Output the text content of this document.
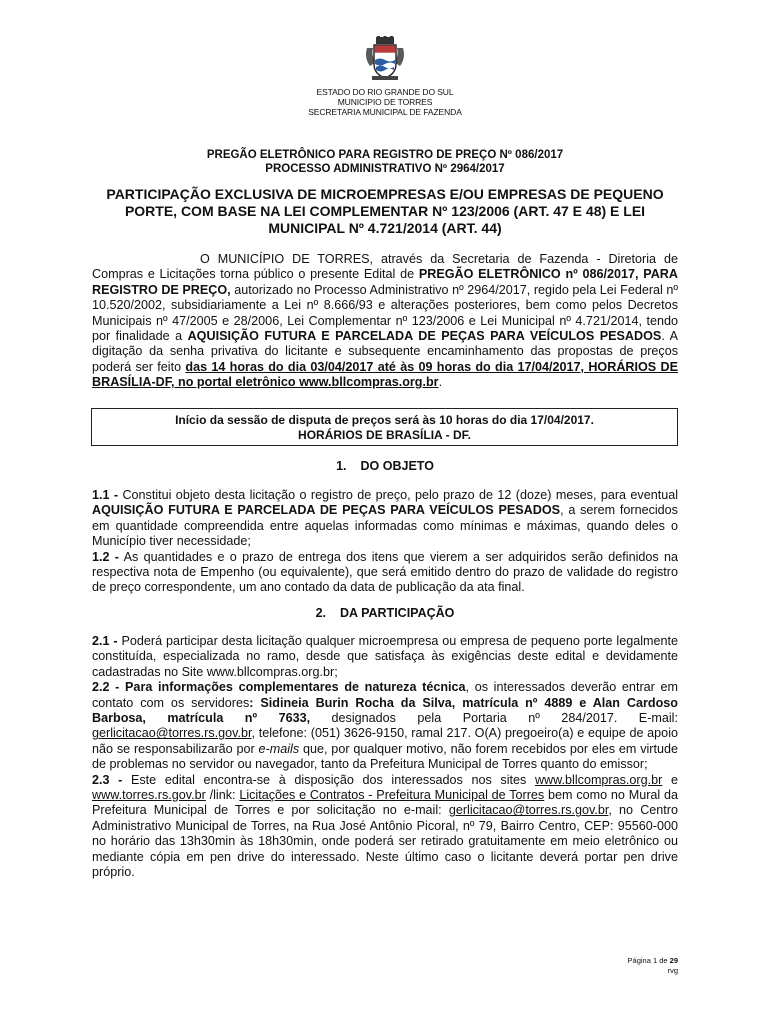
ESTADO DO RIO GRANDE DO SUL
MUNICIPIO DE TORRES
SECRETARIA MUNICIPAL DE FAZENDA
PREGÃO ELETRÔNICO PARA REGISTRO DE PREÇO Nº 086/2017
PROCESSO ADMINISTRATIVO Nº 2964/2017
PARTICIPAÇÃO EXCLUSIVA DE MICROEMPRESAS E/OU EMPRESAS DE PEQUENO PORTE, COM BASE NA LEI COMPLEMENTAR Nº 123/2006 (ART. 47 E 48) E LEI MUNICIPAL Nº 4.721/2014 (ART. 44)

O MUNICÍPIO DE TORRES, através da Secretaria de Fazenda - Diretoria de Compras e Licitações torna público o presente Edital de PREGÃO ELETRÔNICO nº 086/2017, PARA REGISTRO DE PREÇO, autorizado no Processo Administrativo nº 2964/2017, regido pela Lei Federal nº 10.520/2002, subsidiariamente a Lei nº 8.666/93 e alterações posteriores, bem como pelos Decretos Municipais nº 47/2005 e 28/2006, Lei Complementar nº 123/2006 e Lei Municipal nº 4.721/2014, tendo por finalidade a AQUISIÇÃO FUTURA E PARCELADA DE PEÇAS PARA VEÍCULOS PESADOS. A digitação da senha privativa do licitante e subsequente encaminhamento das propostas de preços poderá ser feito das 14 horas do dia 03/04/2017 até às 09 horas do dia 17/04/2017, HORÁRIOS DE BRASÍLIA-DF, no portal eletrônico www.bllcompras.org.br.

Início da sessão de disputa de preços será às 10 horas do dia 17/04/2017.
HORÁRIOS DE BRASÍLIA - DF.
1. DO OBJETO

1.1 - Constitui objeto desta licitação o registro de preço, pelo prazo de 12 (doze) meses, para eventual AQUISIÇÃO FUTURA E PARCELADA DE PEÇAS PARA VEÍCULOS PESADOS, a serem fornecidos em quantidade compreendida entre aquelas informadas como mínimas e máximas, quando deles o Município tiver necessidade;

1.2 - As quantidades e o prazo de entrega dos itens que vierem a ser adquiridos serão definidos na respectiva nota de Empenho (ou equivalente), que será emitido dentro do prazo de validade do registro de preço correspondente, um ano contado da data de publicação da ata final.

2. DA PARTICIPAÇÃO

2.1 - Poderá participar desta licitação qualquer microempresa ou empresa de pequeno porte legalmente constituída, especializada no ramo, desde que satisfaça às exigências deste edital e devidamente cadastradas no Site www.bllcompras.org.br;

2.2 - Para informações complementares de natureza técnica, os interessados deverão entrar em contato com os servidores: Sidineia Burin Rocha da Silva, matrícula nº 4889 e Alan Cardoso Barbosa, matrícula nº 7633, designados pela Portaria nº 284/2017. E-mail: gerlicitacao@torres.rs.gov.br, telefone: (051) 3626-9150, ramal 217. O(A) pregoeiro(a) e equipe de apoio não se responsabilizarão por e-mails que, por qualquer motivo, não forem recebidos por eles em virtude de problemas no servidor ou navegador, tanto da Prefeitura Municipal de Torres quanto do emissor;

2.3 - Este edital encontra-se à disposição dos interessados nos sites www.bllcompras.org.br e www.torres.rs.gov.br /link: Licitações e Contratos - Prefeitura Municipal de Torres bem como no Mural da Prefeitura Municipal de Torres e por solicitação no e-mail: gerlicitacao@torres.rs.gov.br, no Centro Administrativo Municipal de Torres, na Rua José Antônio Picoral, nº 79, Bairro Centro, CEP: 95560-000 no horário das 13h30min às 18h30min, onde poderá ser retirado gratuitamente em meio eletrônico ou mediante cópia em pen drive do interessado. Neste último caso o licitante deverá portar pen drive próprio.

Página 1 de 29
rvg
